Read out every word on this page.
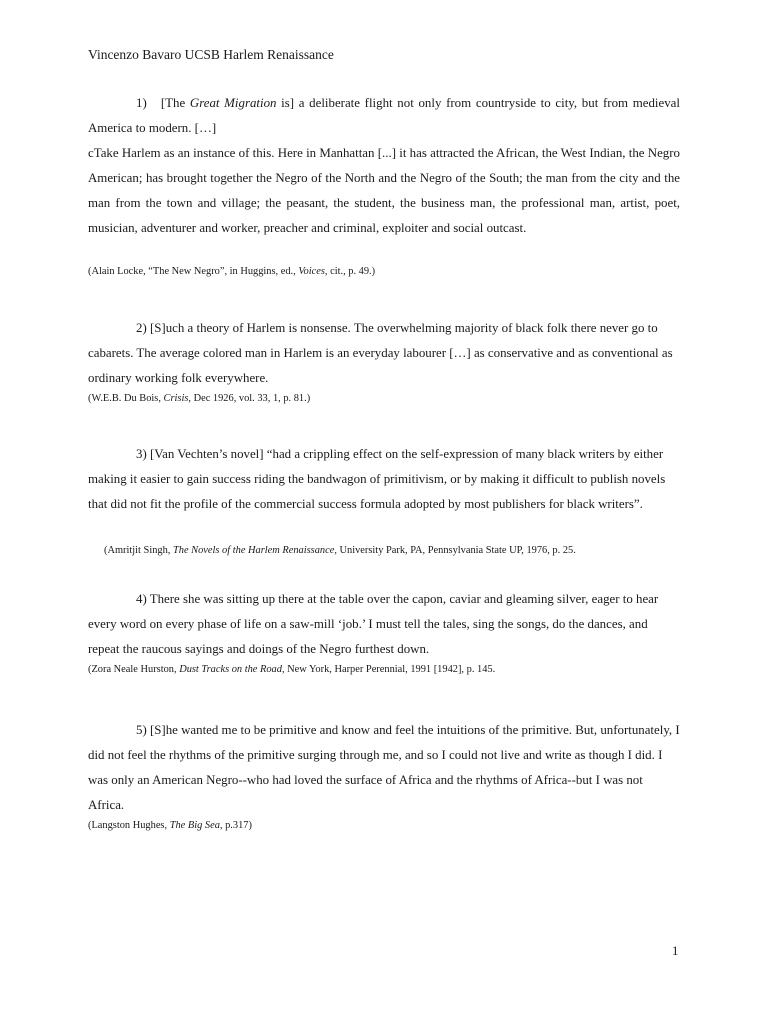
Vincenzo Bavaro UCSB Harlem Renaissance

1) [The Great Migration is] a deliberate flight not only from countryside to city, but from medieval America to modern. […]

cTake Harlem as an instance of this. Here in Manhattan [...] it has attracted the African, the West Indian, the Negro American; has brought together the Negro of the North and the Negro of the South; the man from the city and the man from the town and village; the peasant, the student, the business man, the professional man, artist, poet, musician, adventurer and worker, preacher and criminal, exploiter and social outcast.

(Alain Locke, “The New Negro”, in Huggins, ed., Voices, cit., p. 49.)

2) [S]uch a theory of Harlem is nonsense. The overwhelming majority of black folk there never go to cabarets. The average colored man in Harlem is an everyday labourer […] as conservative and as conventional as ordinary working folk everywhere.

(W.E.B. Du Bois, Crisis, Dec 1926, vol. 33, 1, p. 81.)

3) [Van Vechten’s novel] “had a crippling effect on the self-expression of many black writers by either making it easier to gain success riding the bandwagon of primitivism, or by making it difficult to publish novels that did not fit the profile of the commercial success formula adopted by most publishers for black writers”.

(Amritjit Singh, The Novels of the Harlem Renaissance, University Park, PA, Pennsylvania State UP, 1976, p. 25.

4) There she was sitting up there at the table over the capon, caviar and gleaming silver, eager to hear every word on every phase of life on a saw-mill ‘job.’ I must tell the tales, sing the songs, do the dances, and repeat the raucous sayings and doings of the Negro furthest down.

(Zora Neale Hurston, Dust Tracks on the Road, New York, Harper Perennial, 1991 [1942], p. 145.

5) [S]he wanted me to be primitive and know and feel the intuitions of the primitive. But, unfortunately, I did not feel the rhythms of the primitive surging through me, and so I could not live and write as though I did. I was only an American Negro--who had loved the surface of Africa and the rhythms of Africa--but I was not Africa.

(Langston Hughes, The Big Sea, p.317)
1
